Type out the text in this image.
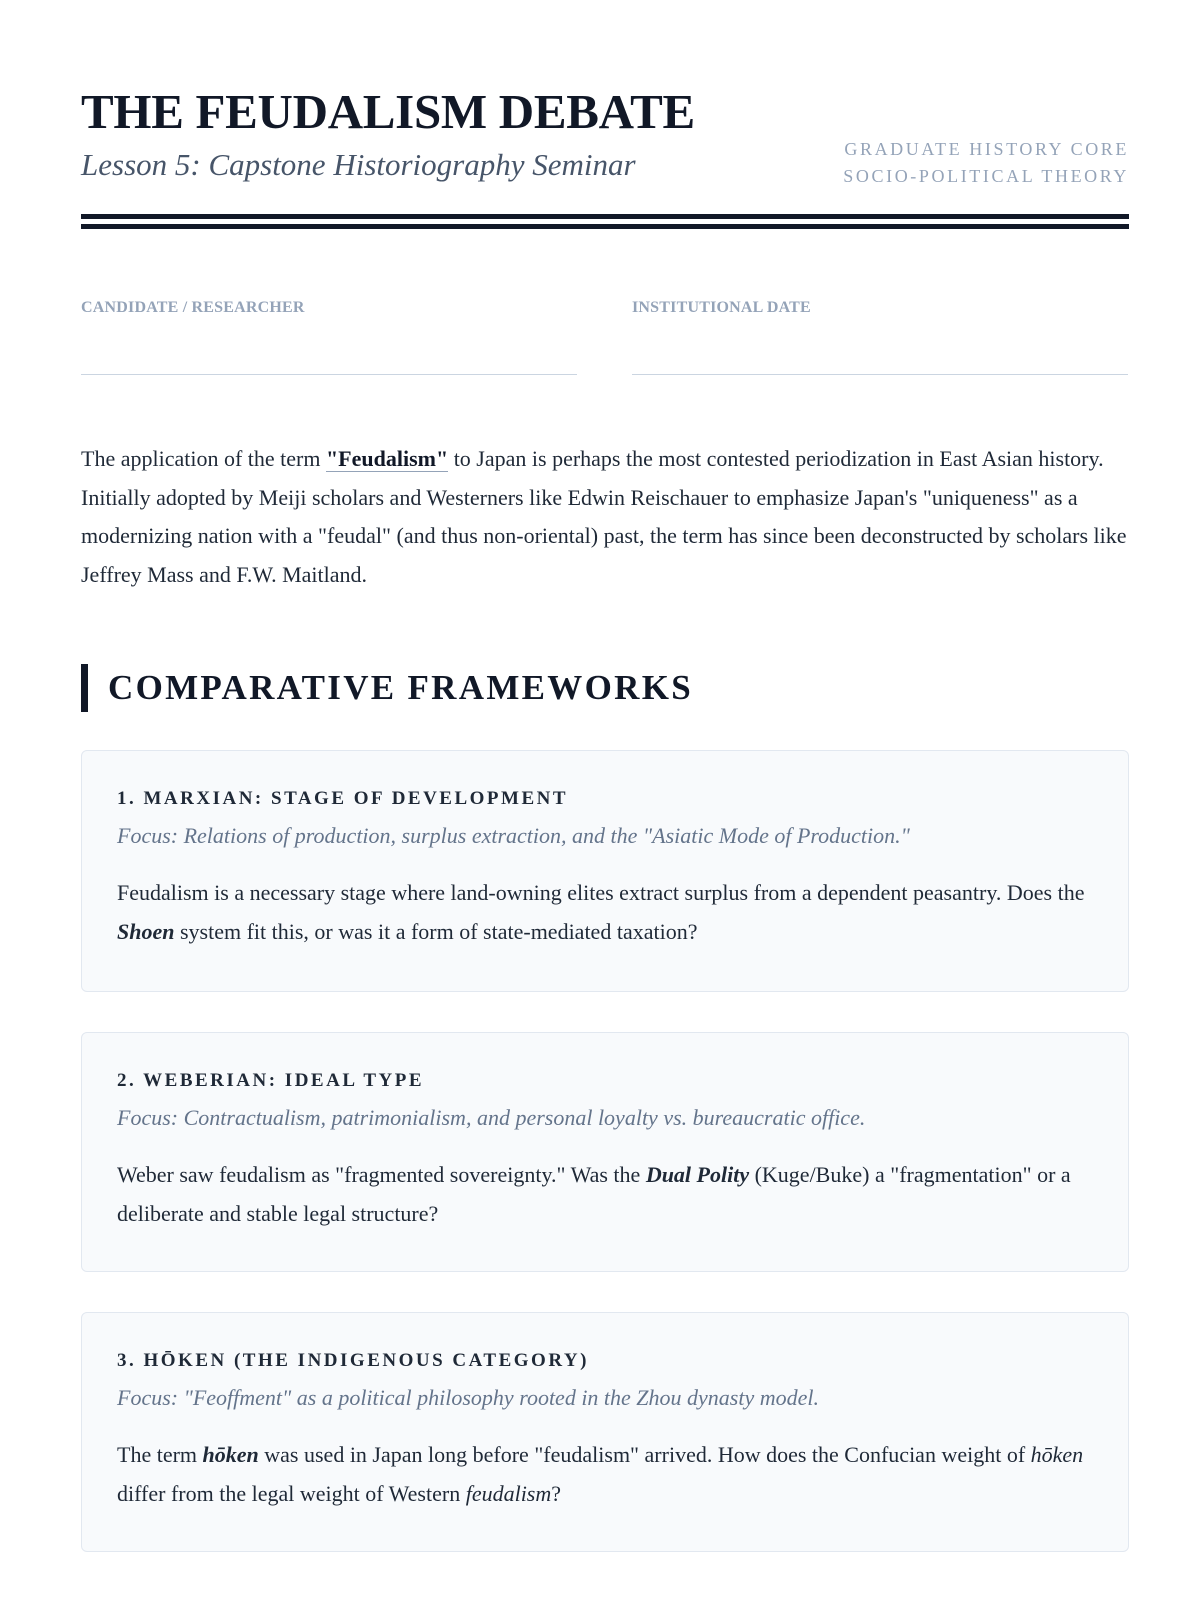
THE FEUDALISM DEBATE

Lesson 5: Capstone Historiography Seminar	GRADUATE HISTORY CORE
SOCIO-POLITICAL THEORY
CANDIDATE / RESEARCHER	INSTITUTIONAL DATE

The application of the term "Feudalism" to Japan is perhaps the most contested periodization in East Asian history. Initially adopted by Meiji scholars and Westerners like Edwin Reischauer to emphasize Japan's "uniqueness" as a modernizing nation with a "feudal" (and thus non-oriental) past, the term has since been deconstructed by scholars like Jeffrey Mass and F.W. Maitland.

COMPARATIVE FRAMEWORKS
1. MARXIAN: STAGE OF DEVELOPMENT

Focus: Relations of production, surplus extraction, and the "Asiatic Mode of Production."

Feudalism is a necessary stage where land-owning elites extract surplus from a dependent peasantry. Does the Shoen system fit this, or was it a form of state-mediated taxation?

2. WEBERIAN: IDEAL TYPE

Focus: Contractualism, patrimonialism, and personal loyalty vs. bureaucratic office.

Weber saw feudalism as "fragmented sovereignty." Was the Dual Polity (Kuge/Buke) a "fragmentation" or a deliberate and stable legal structure?

3. HŌKEN (THE INDIGENOUS CATEGORY)

Focus: "Feoffment" as a political philosophy rooted in the Zhou dynasty model.

The term hōken was used in Japan long before "feudalism" arrived. How does the Confucian weight of hōken differ from the legal weight of Western feudalism?
